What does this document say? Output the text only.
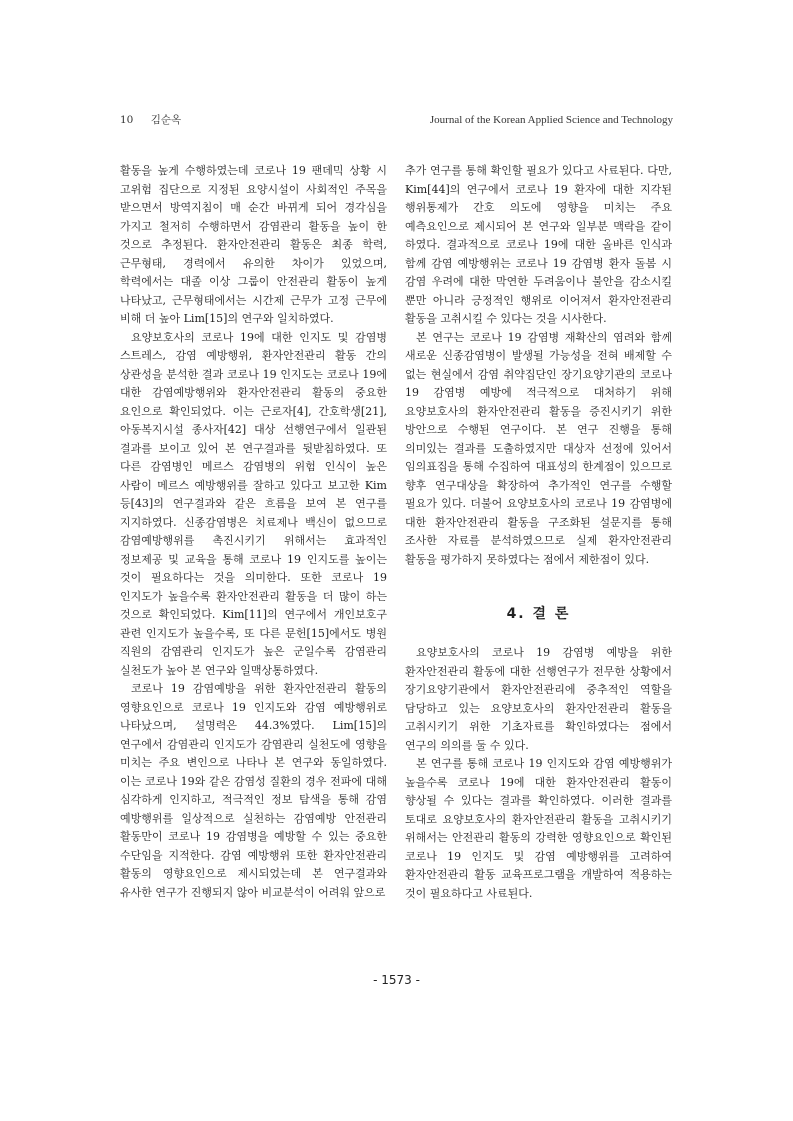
10 김순옥	Journal of the Korean Applied Science and Technology

활동을 높게 수행하였는데 코로나 19 팬데믹 상황 시 고위험 집단으로 지정된 요양시설이 사회적인 주목을 받으면서 방역지침이 매 순간 바뀌게 되어 경각심을 가지고 철저히 수행하면서 감염관리 활동을 높이 한 것으로 추정된다. 환자안전관리 활동은 최종 학력, 근무형태, 경력에서 유의한 차이가 있었으며, 학력에서는 대졸 이상 그룹이 안전관리 활동이 높게 나타났고, 근무형태에서는 시간제 근무가 고정 근무에 비해 더 높아 Lim[15]의 연구와 일치하였다.

요양보호사의 코로나 19에 대한 인지도 및 감염병 스트레스, 감염 예방행위, 환자안전관리 활동 간의 상관성을 분석한 결과 코로나 19 인지도는 코로나 19에 대한 감염예방행위와 환자안전관리 활동의 중요한 요인으로 확인되었다. 이는 근로자[4], 간호학생[21], 아동복지시설 종사자[42] 대상 선행연구에서 일관된 결과를 보이고 있어 본 연구결과를 뒷받침하였다. 또 다른 감염병인 메르스 감염병의 위험 인식이 높은 사람이 메르스 예방행위를 잘하고 있다고 보고한 Kim 등[43]의 연구결과와 같은 흐름을 보여 본 연구를 지지하였다. 신종감염병은 치료제나 백신이 없으므로 감염예방행위를 촉진시키기 위해서는 효과적인 정보제공 및 교육을 통해 코로나 19 인지도를 높이는 것이 필요하다는 것을 의미한다. 또한 코로나 19 인지도가 높을수록 환자안전관리 활동을 더 많이 하는 것으로 확인되었다. Kim[11]의 연구에서 개인보호구 관련 인지도가 높을수록, 또 다른 문헌[15]에서도 병원 직원의 감염관리 인지도가 높은 군일수록 감염관리 실천도가 높아 본 연구와 일맥상통하였다.

코로나 19 감염예방을 위한 환자안전관리 활동의 영향요인으로 코로나 19 인지도와 감염 예방행위로 나타났으며, 설명력은 44.3%였다. Lim[15]의 연구에서 감염관리 인지도가 감염관리 실천도에 영향을 미치는 주요 변인으로 나타나 본 연구와 동일하였다. 이는 코로나 19와 같은 감염성 질환의 경우 전파에 대해 심각하게 인지하고, 적극적인 정보 탐색을 통해 감염 예방행위를 일상적으로 실천하는 감염예방 안전관리 활동만이 코로나 19 감염병을 예방할 수 있는 중요한 수단임을 지적한다. 감염 예방행위 또한 환자안전관리 활동의 영향요인으로 제시되었는데 본 연구결과와 유사한 연구가 진행되지 않아 비교분석이 어려워 앞으로

추가 연구를 통해 확인할 필요가 있다고 사료된다. 다만, Kim[44]의 연구에서 코로나 19 환자에 대한 지각된 행위통제가 간호 의도에 영향을 미치는 주요 예측요인으로 제시되어 본 연구와 일부분 맥락을 같이 하였다. 결과적으로 코로나 19에 대한 올바른 인식과 함께 감염 예방행위는 코로나 19 감염병 환자 돌봄 시 감염 우려에 대한 막연한 두려움이나 불안을 감소시킬 뿐만 아니라 긍정적인 행위로 이어져서 환자안전관리 활동을 고취시킬 수 있다는 것을 시사한다.

본 연구는 코로나 19 감염병 재확산의 염려와 함께 새로운 신종감염병이 발생될 가능성을 전혀 배제할 수 없는 현실에서 감염 취약집단인 장기요양기관의 코로나 19 감염병 예방에 적극적으로 대처하기 위해 요양보호사의 환자안전관리 활동을 증진시키기 위한 방안으로 수행된 연구이다. 본 연구 진행을 통해 의미있는 결과를 도출하였지만 대상자 선정에 있어서 임의표집을 통해 수집하여 대표성의 한계점이 있으므로 향후 연구대상을 확장하여 추가적인 연구를 수행할 필요가 있다. 더불어 요양보호사의 코로나 19 감염병에 대한 환자안전관리 활동을 구조화된 설문지를 통해 조사한 자료를 분석하였으므로 실제 환자안전관리 활동을 평가하지 못하였다는 점에서 제한점이 있다.

4. 결 론

요양보호사의 코로나 19 감염병 예방을 위한 환자안전관리 활동에 대한 선행연구가 전무한 상황에서 장기요양기관에서 환자안전관리에 중추적인 역할을 담당하고 있는 요양보호사의 환자안전관리 활동을 고취시키기 위한 기초자료를 확인하였다는 점에서 연구의 의의를 둘 수 있다.

본 연구를 통해 코로나 19 인지도와 감염 예방행위가 높을수록 코로나 19에 대한 환자안전관리 활동이 향상될 수 있다는 결과를 확인하였다. 이러한 결과를 토대로 요양보호사의 환자안전관리 활동을 고취시키기 위해서는 안전관리 활동의 강력한 영향요인으로 확인된 코로나 19 인지도 및 감염 예방행위를 고려하여 환자안전관리 활동 교육프로그램을 개발하여 적용하는 것이 필요하다고 사료된다.

- 1573 -
